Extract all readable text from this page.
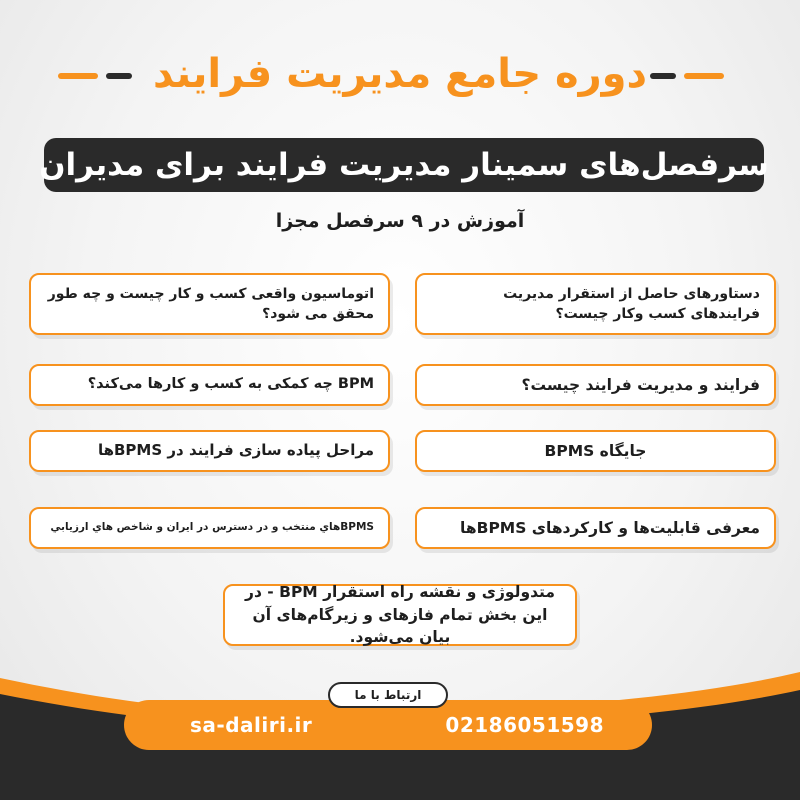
دوره جامع مدیریت فرایند
سرفصل‌های سمینار مدیریت فرایند برای مدیران
آموزش در ۹ سرفصل مجزا
دستاورهای حاصل از استقرار مدیریت فرایندهای کسب وکار چیست؟
اتوماسیون واقعی کسب و کار چیست و چه طور محقق می شود؟
فرایند و مدیریت فرایند چیست؟
BPM چه کمکی به کسب و کارها می‌کند؟
جایگاه BPMS
مراحل پیاده سازی فرایند در BPMSها
معرفی قابلیت‌ها و کارکردهای BPMSها
BPMSهاي منتخب و در دسترس در ايران و شاخص هاي ارزيابي
متدولوژی و نقشه راه استقرار BPM - در این بخش تمام فازهای و زیرگام‌های آن بیان می‌شود.
sa-daliri.ir	02186051598
ارتباط با ما
